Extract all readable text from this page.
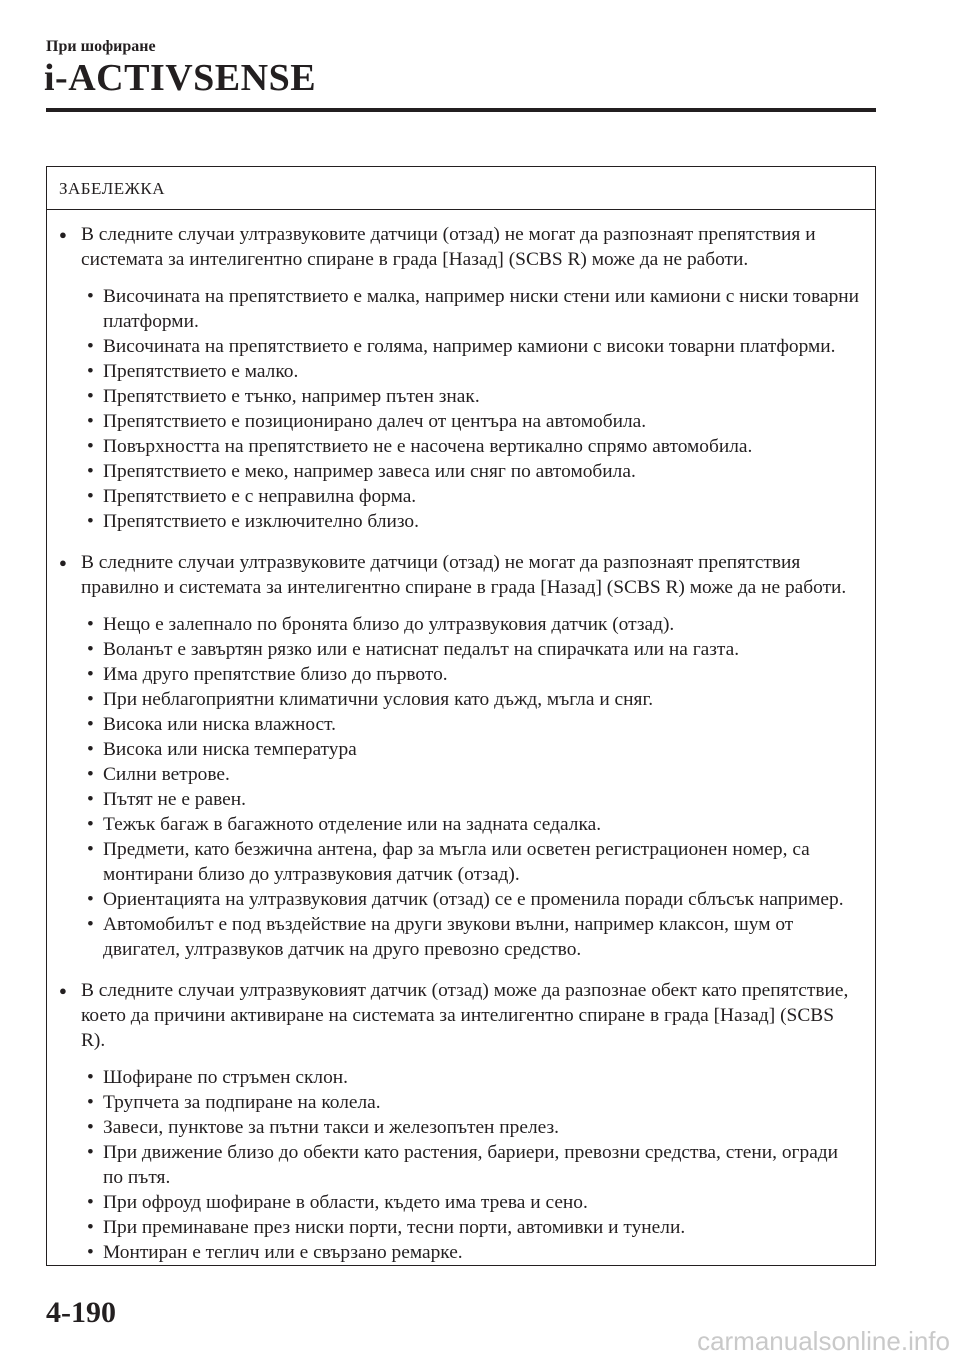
При шофиране
i-ACTIVSENSE
ЗАБЕЛЕЖКА
● В следните случаи ултразвуковите датчици (отзад) не могат да разпознаят препятствия и системата за интелигентно спиране в града [Назад] (SCBS R) може да не работи.
• Височината на препятствието е малка, например ниски стени или камиони с ниски товарни платформи.
• Височината на препятствието е голяма, например камиони с високи товарни платформи.
• Препятствието е малко.
• Препятствието е тънко, например пътен знак.
• Препятствието е позиционирано далеч от центъра на автомобила.
• Повърхността на препятствието не е насочена вертикално спрямо автомобила.
• Препятствието е меко, например завеса или сняг по автомобила.
• Препятствието е с неправилна форма.
• Препятствието е изключително близо.
● В следните случаи ултразвуковите датчици (отзад) не могат да разпознаят препятствия правилно и системата за интелигентно спиране в града [Назад] (SCBS R) може да не работи.
• Нещо е залепнало по бронята близо до ултразвуковия датчик (отзад).
• Воланът е завъртян рязко или е натиснат педалът на спирачката или на газта.
• Има друго препятствие близо до първото.
• При неблагоприятни климатични условия като дъжд, мъгла и сняг.
• Висока или ниска влажност.
• Висока или ниска температура
• Силни ветрове.
• Пътят не е равен.
• Тежък багаж в багажното отделение или на задната седалка.
• Предмети, като безжична антена, фар за мъгла или осветен регистрационен номер, са монтирани близо до ултразвуковия датчик (отзад).
• Ориентацията на ултразвуковия датчик (отзад) се е променила поради сблъсък например.
• Автомобилът е под въздействие на други звукови вълни, например клаксон, шум от двигател, ултразвуков датчик на друго превозно средство.
● В следните случаи ултразвуковият датчик (отзад) може да разпознае обект като препятствие, което да причини активиране на системата за интелигентно спиране в града [Назад] (SCBS R).
• Шофиране по стръмен склон.
• Трупчета за подпиране на колела.
• Завеси, пунктове за пътни такси и железопътен прелез.
• При движение близо до обекти като растения, бариери, превозни средства, стени, огради по пътя.
• При офроуд шофиране в области, където има трева и сено.
• При преминаване през ниски порти, тесни порти, автомивки и тунели.
• Монтиран е теглич или е свързано ремарке.
4-190
carmanualsonline.info
